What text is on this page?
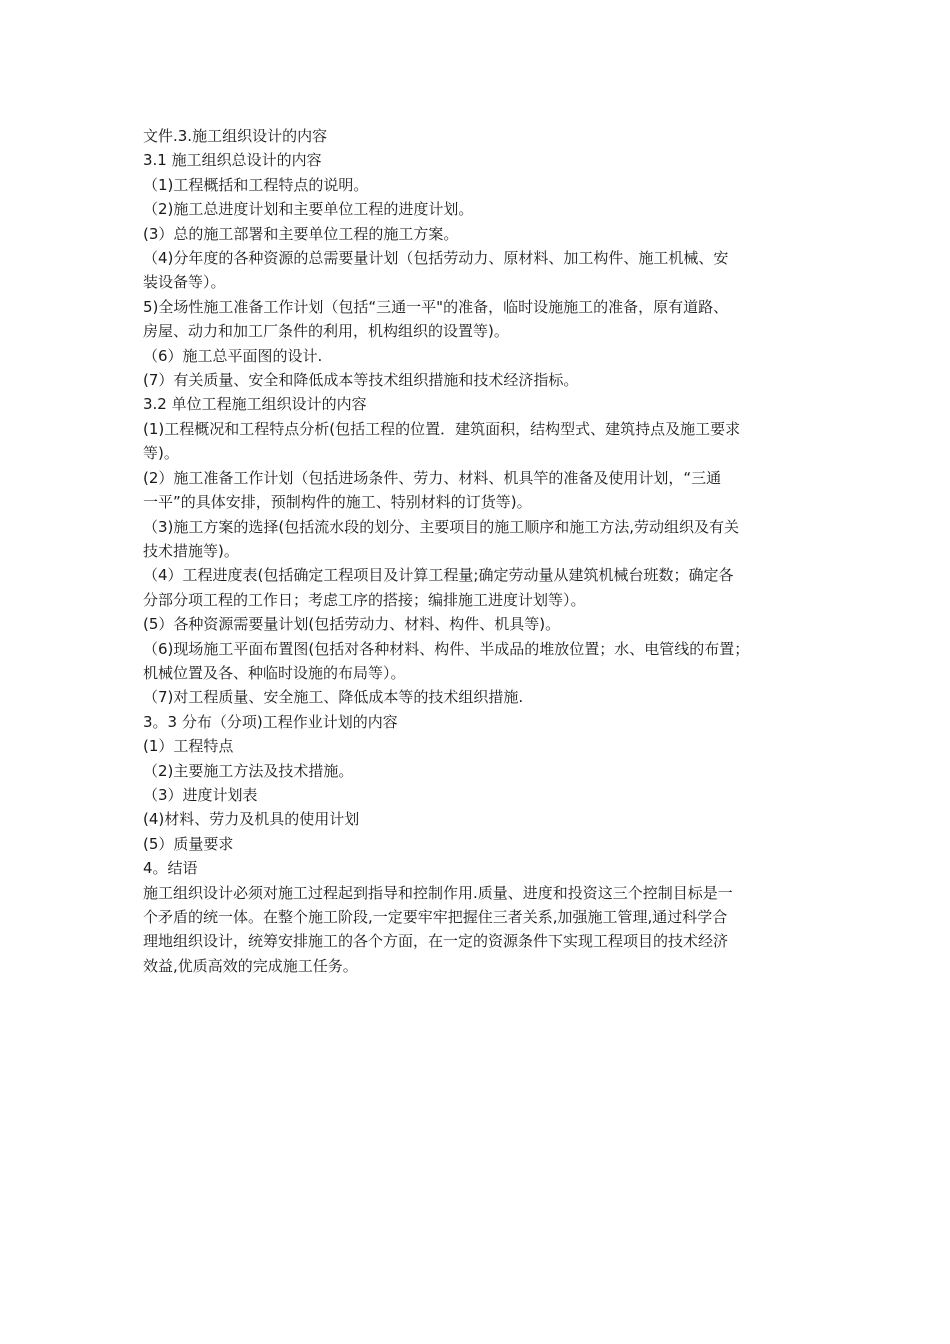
文件.3.施工组织设计的内容

3.1 施工组织总设计的内容

（1)工程概括和工程特点的说明。

（2)施工总进度计划和主要单位工程的进度计划。

(3）总的施工部署和主要单位工程的施工方案。

（4)分年度的各种资源的总需要量计划（包括劳动力、原材料、加工构件、施工机械、安

装设备等）。

5)全场性施工准备工作计划（包括“三通一平"的准备，临时设施施工的准备，原有道路、

房屋、动力和加工厂条件的利用，机构组织的设置等)。

（6）施工总平面图的设计.

(7）有关质量、安全和降低成本等技术组织措施和技术经济指标。

3.2 单位工程施工组织设计的内容

(1)工程概况和工程特点分析(包括工程的位置．建筑面积，结构型式、建筑持点及施工要求

等)。

(2）施工准备工作计划（包括进场条件、劳力、材料、机具竿的准备及使用计划，“三通

一平”的具体安排，预制构件的施工、特别材料的订货等)。

（3)施工方案的选择(包括流水段的划分、主要项目的施工顺序和施工方法,劳动组织及有关

技术措施等)。

（4）工程进度表(包括确定工程项目及计算工程量;确定劳动量从建筑机械台班数；确定各

分部分项工程的工作日；考虑工序的搭接；编排施工进度计划等）。

(5）各种资源需要量计划(包括劳动力、材料、构件、机具等)。

（6)现场施工平面布置图(包括对各种材料、构件、半成品的堆放位置；水、电管线的布置；

机械位置及各、种临时设施的布局等）。

（7)对工程质量、安全施工、降低成本等的技术组织措施.

3。3 分布（分项)工程作业计划的内容

(1）工程特点

（2)主要施工方法及技术措施。

（3）进度计划表

(4)材料、劳力及机具的使用计划

(5）质量要求

4。结语

施工组织设计必须对施工过程起到指导和控制作用.质量、进度和投资这三个控制目标是一

个矛盾的统一体。在整个施工阶段,一定要牢牢把握住三者关系,加强施工管理,通过科学合

理地组织设计，统筹安排施工的各个方面，在一定的资源条件下实现工程项目的技术经济

效益,优质高效的完成施工任务。
